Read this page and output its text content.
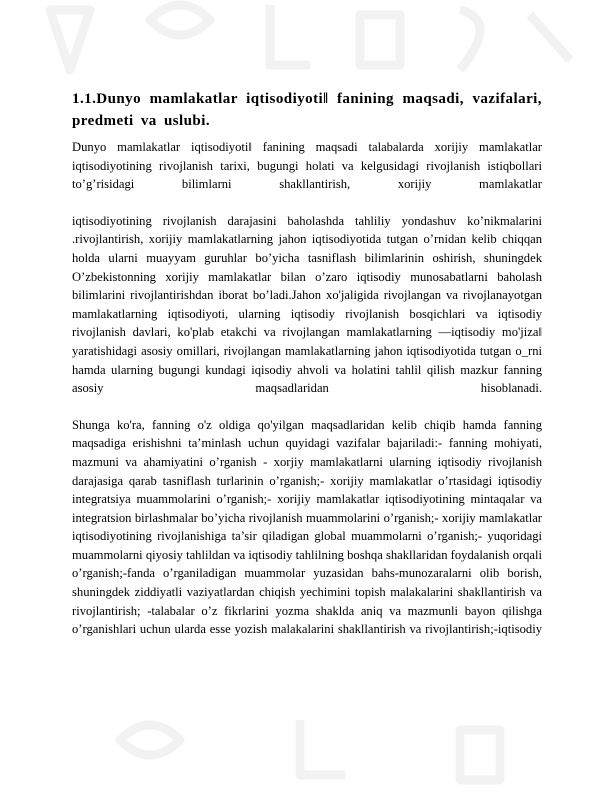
1.1.Dunyo mamlakatlar iqtisodiyoti‖ fanining maqsadi, vazifalari, predmeti va uslubi.

Dunyo mamlakatlar iqtisodiyoti‖ fanining maqsadi talabalarda xorijiy mamlakatlar iqtisodiyotining rivojlanish tarixi, bugungi holati va kelgusidagi rivojlanish istiqbollari to’g’risidagi bilimlarni shakllantirish, xorijiy mamlakatlar

iqtisodiyotining rivojlanish darajasini baholashda tahliliy yondashuv ko’nikmalarini .rivojlantirish, xorijiy mamlakatlarning jahon iqtisodiyotida tutgan o’rnidan kelib chiqqan holda ularni muayyam guruhlar bo’yicha tasniflash bilimlarinin oshirish, shuningdek O’zbekistonning xorijiy mamlakatlar bilan o’zaro iqtisodiy munosabatlarni baholash bilimlarini rivojlantirishdan iborat bo’ladi.Jahon xo'jaligida rivojlangan va rivojlanayotgan mamlakatlarning iqtisodiyoti, ularning iqtisodiy rivojlanish bosqichlari va iqtisodiy rivojlanish davlari, ko'plab etakchi va rivojlangan mamlakatlarning ―iqtisodiy mo'jiza‖ yaratishidagi asosiy omillari, rivojlangan mamlakatlarning jahon iqtisodiyotida tutgan o_rni hamda ularning bugungi kundagi iqisodiy ahvoli va holatini tahlil qilish mazkur fanning asosiy maqsadlaridan hisoblanadi.

Shunga ko'ra, fanning o'z oldiga qo'yilgan maqsadlaridan kelib chiqib hamda fanning maqsadiga erishishni ta’minlash uchun quyidagi vazifalar bajariladi:- fanning mohiyati, mazmuni va ahamiyatini o’rganish - xorjiy mamlakatlarni ularning iqtisodiy rivojlanish darajasiga qarab tasniflash turlarinin o’rganish;- xorijiy mamlakatlar o’rtasidagi iqtisodiy integratsiya muammolarini o’rganish;- xorijiy mamlakatlar iqtisodiyotining mintaqalar va integratsion birlashmalar bo’yicha rivojlanish muammolarini o’rganish;- xorijiy mamlakatlar iqtisodiyotining rivojlanishiga ta’sir qiladigan global muammolarni o’rganish;- yuqoridagi muammolarni qiyosiy tahlildan va iqtisodiy tahlilning boshqa shakllaridan foydalanish orqali o’rganish;-fanda o’rganiladigan muammolar yuzasidan bahs-munozaralarni olib borish, shuningdek ziddiyatli vaziyatlardan chiqish yechimini topish malakalarini shakllantirish va rivojlantirish; -talabalar o’z fikrlarini yozma shaklda aniq va mazmunli bayon qilishga o’rganishlari uchun ularda esse yozish malakalarini shakllantirish va rivojlantirish;-iqtisodiy
